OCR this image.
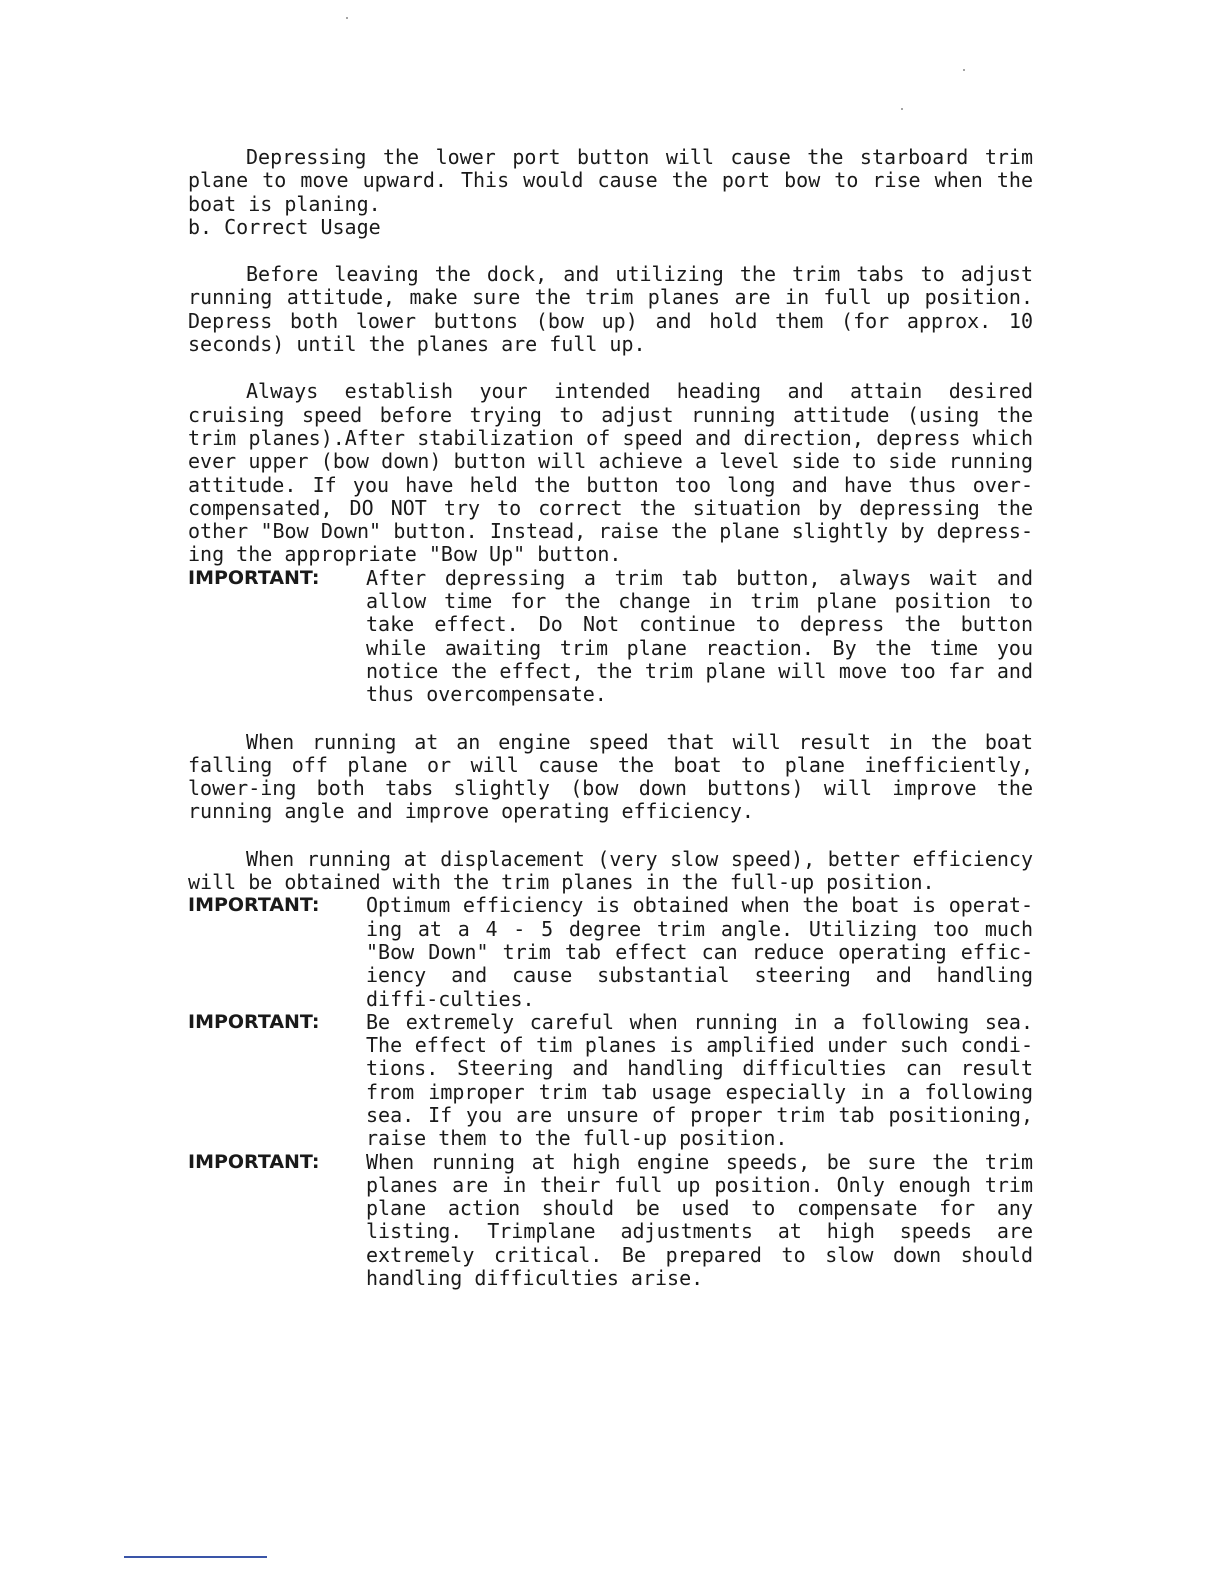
Depressing the lower port button will cause the starboard trim plane to move upward. This would cause the port bow to rise when the boat is planing.

b. Correct Usage

Before leaving the dock, and utilizing the trim tabs to adjust running attitude, make sure the trim planes are in full up position. Depress both lower buttons (bow up) and hold them (for approx. 10 seconds) until the planes are full up.

Always establish your intended heading and attain desired cruising speed before trying to adjust running attitude (using the trim planes).After stabilization of speed and direction, depress which ever upper (bow down) button will achieve a level side to side running attitude. If you have held the button too long and have thus over-compensated, DO NOT try to correct the situation by depressing the other "Bow Down" button. Instead, raise the plane slightly by depress-ing the appropriate "Bow Up" button.

IMPORTANT:	After depressing a trim tab button, always wait and allow time for the change in trim plane position to take effect. Do Not continue to depress the button while awaiting trim plane reaction. By the time you notice the effect, the trim plane will move too far and thus overcompensate.

When running at an engine speed that will result in the boat falling off plane or will cause the boat to plane inefficiently, lower-ing both tabs slightly (bow down buttons) will improve the running angle and improve operating efficiency.

When running at displacement (very slow speed), better efficiency will be obtained with the trim planes in the full-up position.

IMPORTANT:	Optimum efficiency is obtained when the boat is operat-ing at a 4 - 5 degree trim angle. Utilizing too much "Bow Down" trim tab effect can reduce operating effic-iency and cause substantial steering and handling diffi-culties.
IMPORTANT:	Be extremely careful when running in a following sea. The effect of tim planes is amplified under such condi-tions. Steering and handling difficulties can result from improper trim tab usage especially in a following sea. If you are unsure of proper trim tab positioning, raise them to the full-up position.
IMPORTANT:	When running at high engine speeds, be sure the trim planes are in their full up position. Only enough trim plane action should be used to compensate for any listing. Trimplane adjustments at high speeds are extremely critical. Be prepared to slow down should handling difficulties arise.
